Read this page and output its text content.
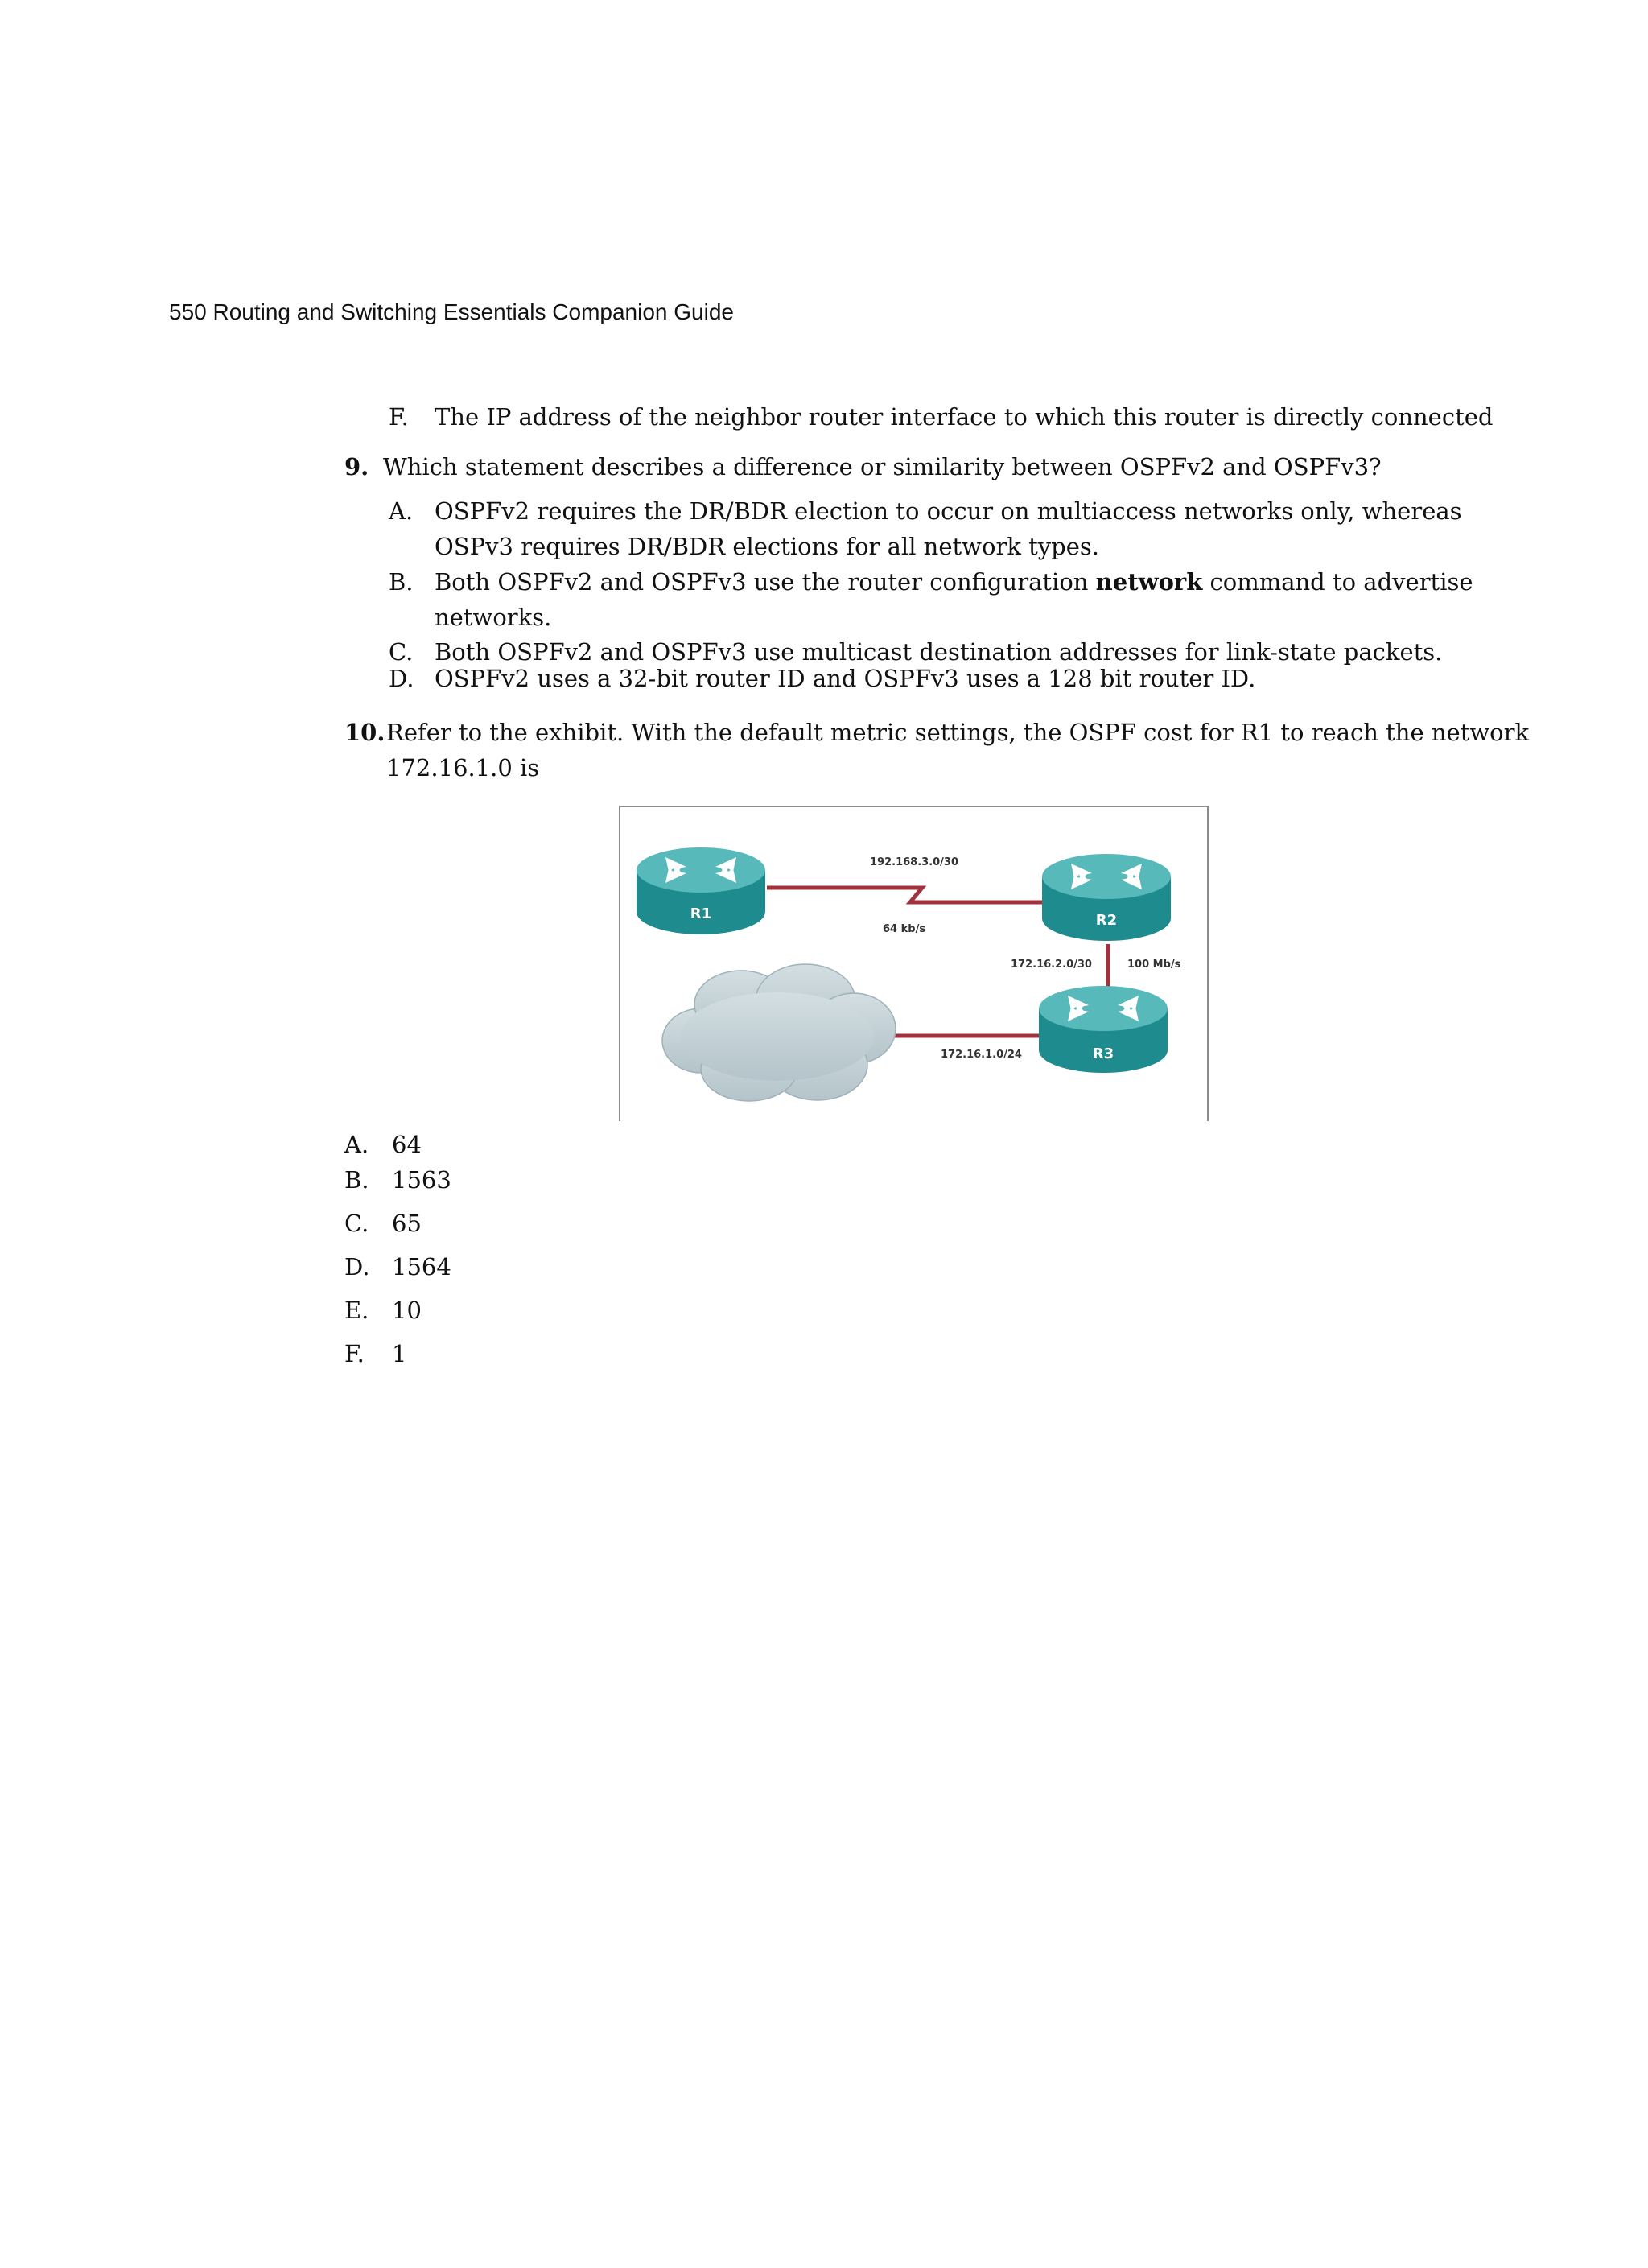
550 Routing and Switching Essentials Companion Guide
F. The IP address of the neighbor router interface to which this router is directly connected
9. Which statement describes a difference or similarity between OSPFv2 and OSPFv3?
A. OSPFv2 requires the DR/BDR election to occur on multiaccess networks only, whereas
OSPv3 requires DR/BDR elections for all network types.
B. Both OSPFv2 and OSPFv3 use the router configuration network command to advertise
networks.
C. Both OSPFv2 and OSPFv3 use multicast destination addresses for link-state packets.
D. OSPFv2 uses a 32-bit router ID and OSPFv3 uses a 128 bit router ID.
10.Refer to the exhibit. With the default metric settings, the OSPF cost for R1 to reach the network
172.16.1.0 is
R1	R2
R3
192.168.3.0/30
64 kb/s
172.16.2.0/30	100 Mb/s
172.16.1.0/24
A. 64
B. 1563
C. 65
D. 1564
E. 10
F. 1
